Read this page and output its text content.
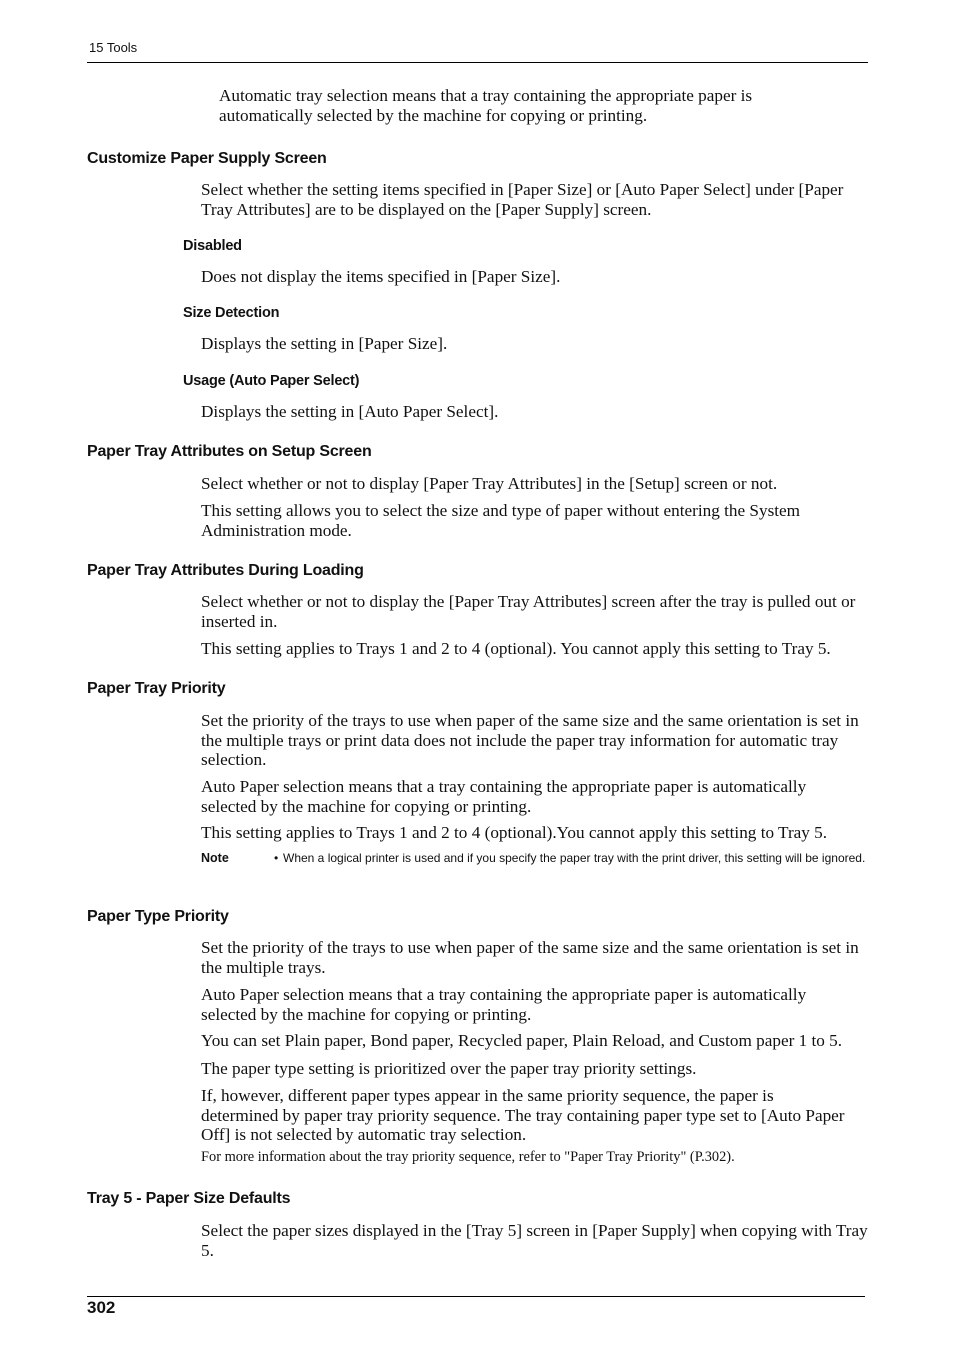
15 Tools
Automatic tray selection means that a tray containing the appropriate paper is automatically selected by the machine for copying or printing.
Customize Paper Supply Screen
Select whether the setting items specified in [Paper Size] or [Auto Paper Select] under [Paper Tray Attributes] are to be displayed on the [Paper Supply] screen.
Disabled
Does not display the items specified in [Paper Size].
Size Detection
Displays the setting in [Paper Size].
Usage (Auto Paper Select)
Displays the setting in [Auto Paper Select].
Paper Tray Attributes on Setup Screen
Select whether or not to display [Paper Tray Attributes] in the [Setup] screen or not.
This setting allows you to select the size and type of paper without entering the System Administration mode.
Paper Tray Attributes During Loading
Select whether or not to display the [Paper Tray Attributes] screen after the tray is pulled out or inserted in.
This setting applies to Trays 1 and 2 to 4 (optional). You cannot apply this setting to Tray 5.
Paper Tray Priority
Set the priority of the trays to use when paper of the same size and the same orientation is set in the multiple trays or print data does not include the paper tray information for automatic tray selection.
Auto Paper selection means that a tray containing the appropriate paper is automatically selected by the machine for copying or printing.
This setting applies to Trays 1 and 2 to 4 (optional).You cannot apply this setting to Tray 5.
Note	• When a logical printer is used and if you specify the paper tray with the print driver, this setting will be ignored.
Paper Type Priority
Set the priority of the trays to use when paper of the same size and the same orientation is set in the multiple trays.
Auto Paper selection means that a tray containing the appropriate paper is automatically selected by the machine for copying or printing.
You can set Plain paper, Bond paper, Recycled paper, Plain Reload, and Custom paper 1 to 5.
The paper type setting is prioritized over the paper tray priority settings.
If, however, different paper types appear in the same priority sequence, the paper is determined by paper tray priority sequence. The tray containing paper type set to [Auto Paper Off] is not selected by automatic tray selection.
For more information about the tray priority sequence, refer to "Paper Tray Priority" (P.302).
Tray 5 - Paper Size Defaults
Select the paper sizes displayed in the [Tray 5] screen in [Paper Supply] when copying with Tray 5.
302
